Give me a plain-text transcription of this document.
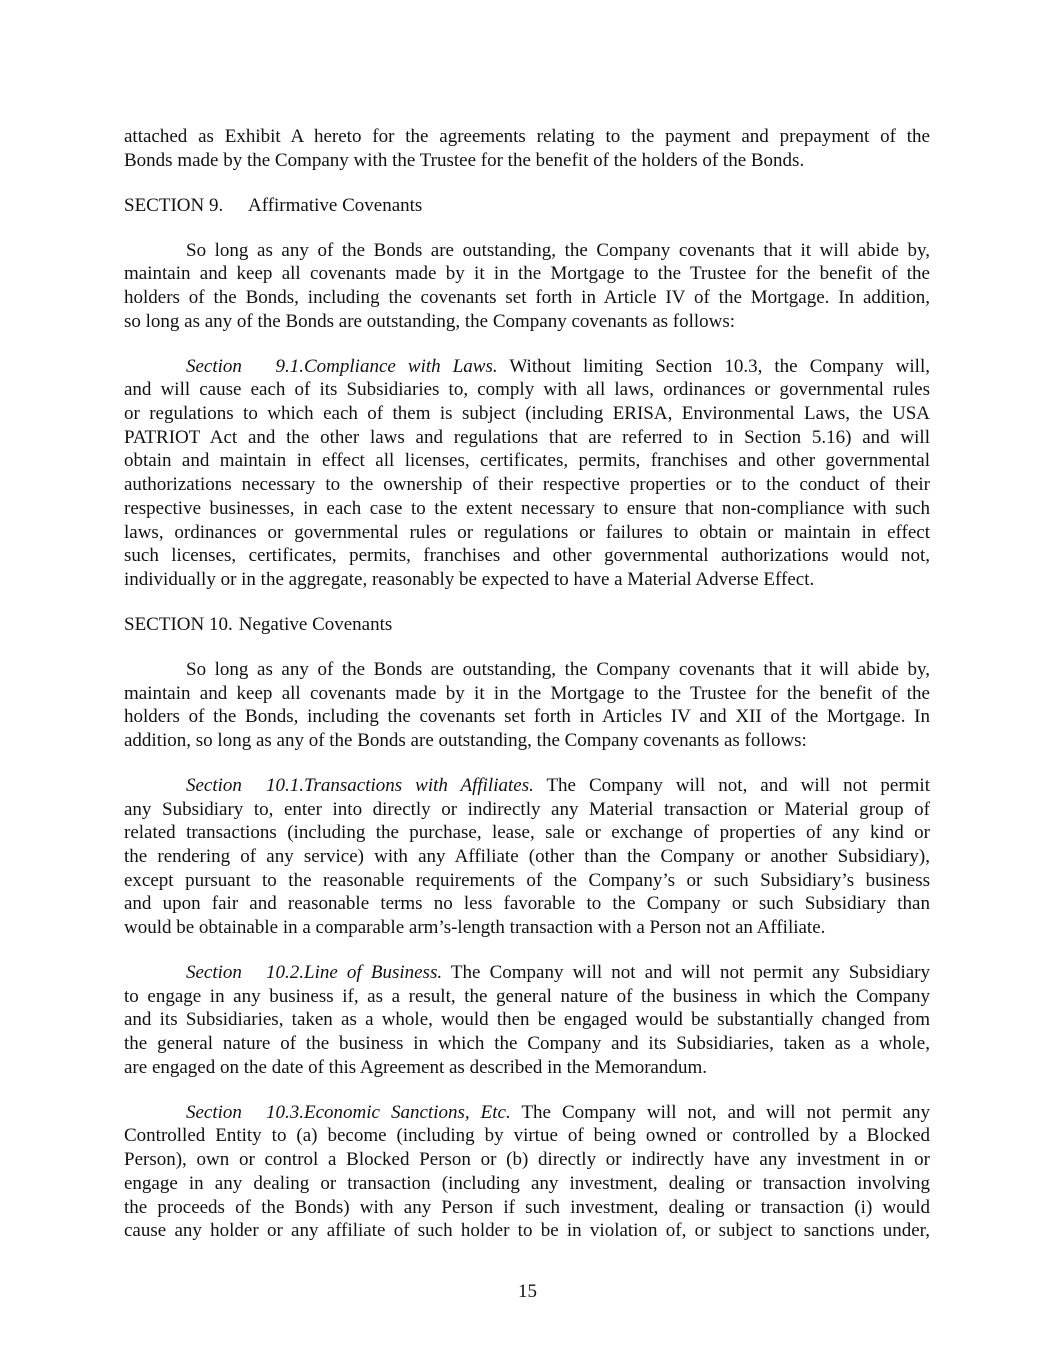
attached as Exhibit A hereto for the agreements relating to the payment and prepayment of the
Bonds made by the Company with the Trustee for the benefit of the holders of the Bonds.
SECTION 9. Affirmative Covenants
So long as any of the Bonds are outstanding, the Company covenants that it will abide by,
maintain and keep all covenants made by it in the Mortgage to the Trustee for the benefit of the
holders of the Bonds, including the covenants set forth in Article IV of the Mortgage. In addition,
so long as any of the Bonds are outstanding, the Company covenants as follows:
Section 9.1.Compliance with Laws. Without limiting Section 10.3, the Company will,
and will cause each of its Subsidiaries to, comply with all laws, ordinances or governmental rules
or regulations to which each of them is subject (including ERISA, Environmental Laws, the USA
PATRIOT Act and the other laws and regulations that are referred to in Section 5.16) and will
obtain and maintain in effect all licenses, certificates, permits, franchises and other governmental
authorizations necessary to the ownership of their respective properties or to the conduct of their
respective businesses, in each case to the extent necessary to ensure that non-compliance with such
laws, ordinances or governmental rules or regulations or failures to obtain or maintain in effect
such licenses, certificates, permits, franchises and other governmental authorizations would not,
individually or in the aggregate, reasonably be expected to have a Material Adverse Effect.
SECTION 10. Negative Covenants
So long as any of the Bonds are outstanding, the Company covenants that it will abide by,
maintain and keep all covenants made by it in the Mortgage to the Trustee for the benefit of the
holders of the Bonds, including the covenants set forth in Articles IV and XII of the Mortgage. In
addition, so long as any of the Bonds are outstanding, the Company covenants as follows:
Section 10.1.Transactions with Affiliates. The Company will not, and will not permit
any Subsidiary to, enter into directly or indirectly any Material transaction or Material group of
related transactions (including the purchase, lease, sale or exchange of properties of any kind or
the rendering of any service) with any Affiliate (other than the Company or another Subsidiary),
except pursuant to the reasonable requirements of the Company’s or such Subsidiary’s business
and upon fair and reasonable terms no less favorable to the Company or such Subsidiary than
would be obtainable in a comparable arm’s-length transaction with a Person not an Affiliate.
Section 10.2.Line of Business. The Company will not and will not permit any Subsidiary
to engage in any business if, as a result, the general nature of the business in which the Company
and its Subsidiaries, taken as a whole, would then be engaged would be substantially changed from
the general nature of the business in which the Company and its Subsidiaries, taken as a whole,
are engaged on the date of this Agreement as described in the Memorandum.
Section 10.3.Economic Sanctions, Etc. The Company will not, and will not permit any
Controlled Entity to (a) become (including by virtue of being owned or controlled by a Blocked
Person), own or control a Blocked Person or (b) directly or indirectly have any investment in or
engage in any dealing or transaction (including any investment, dealing or transaction involving
the proceeds of the Bonds) with any Person if such investment, dealing or transaction (i) would
cause any holder or any affiliate of such holder to be in violation of, or subject to sanctions under,
15
